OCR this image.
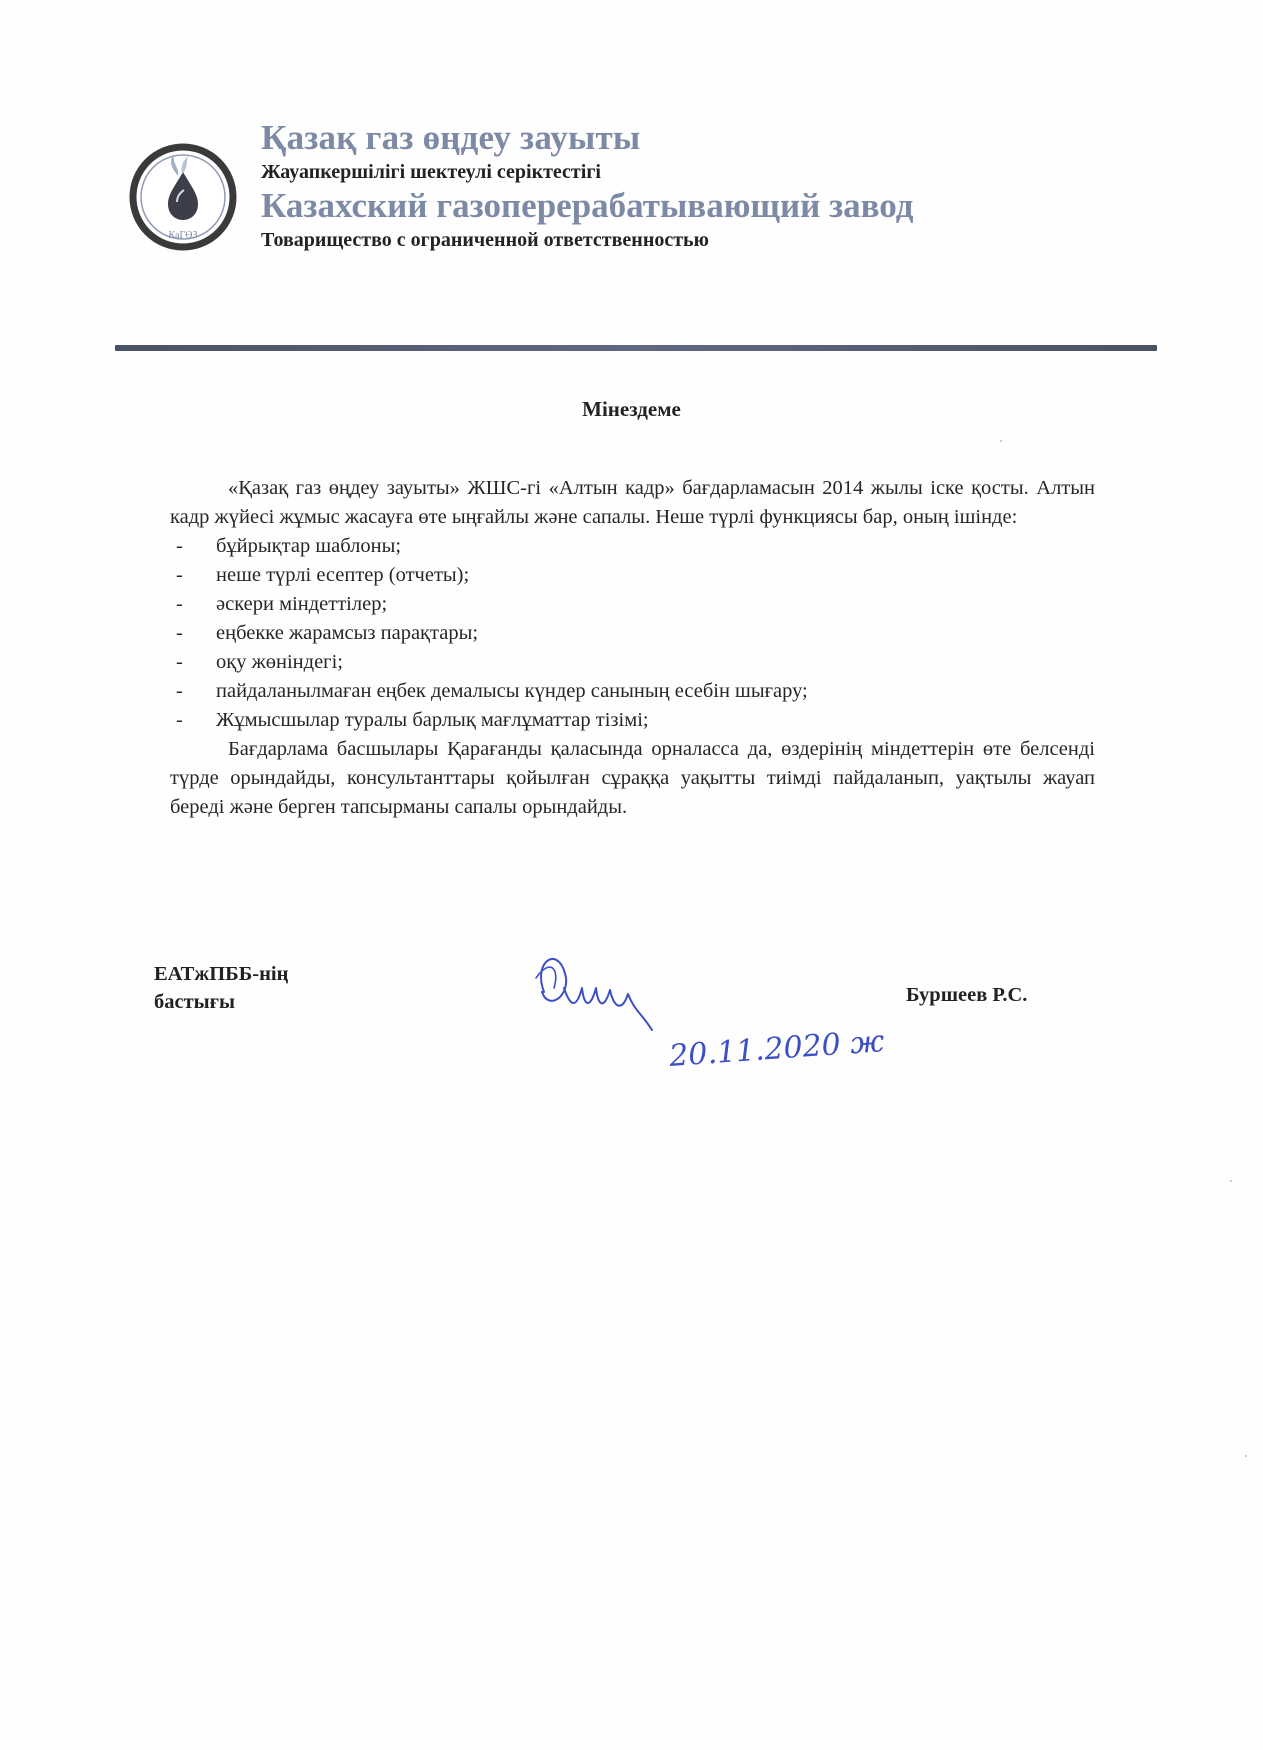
КаГӨЗ
Қазақ газ өңдеу зауыты
Жауапкершілігі шектеулі серіктестігі
Казахский газоперерабатывающий завод
Товарищество с ограниченной ответственностью
Мінездеме

«Қазақ газ өңдеу зауыты» ЖШС-гі «Алтын кадр» бағдарламасын 2014 жылы іске қосты. Алтын кадр жүйесі жұмыс жасауға өте ыңғайлы және сапалы. Неше түрлі функциясы бар, оның ішінде:

- бұйрықтар шаблоны;
- неше түрлі есептер (отчеты);
- әскери міндеттілер;
- еңбекке жарамсыз парақтары;
- оқу жөніндегі;
- пайдаланылмаған еңбек демалысы күндер санының есебін шығару;
- Жұмысшылар туралы барлық мағлұматтар тізімі;

Бағдарлама басшылары Қарағанды қаласында орналасса да, өздерінің міндеттерін өте белсенді түрде орындайды, консультанттары қойылған сұраққа уақытты тиімді пайдаланып, уақтылы жауап береді және берген тапсырманы сапалы орындайды.

ЕАТжПББ-нің
бастығы
20.11.2020 ж
Буршеев Р.С.
